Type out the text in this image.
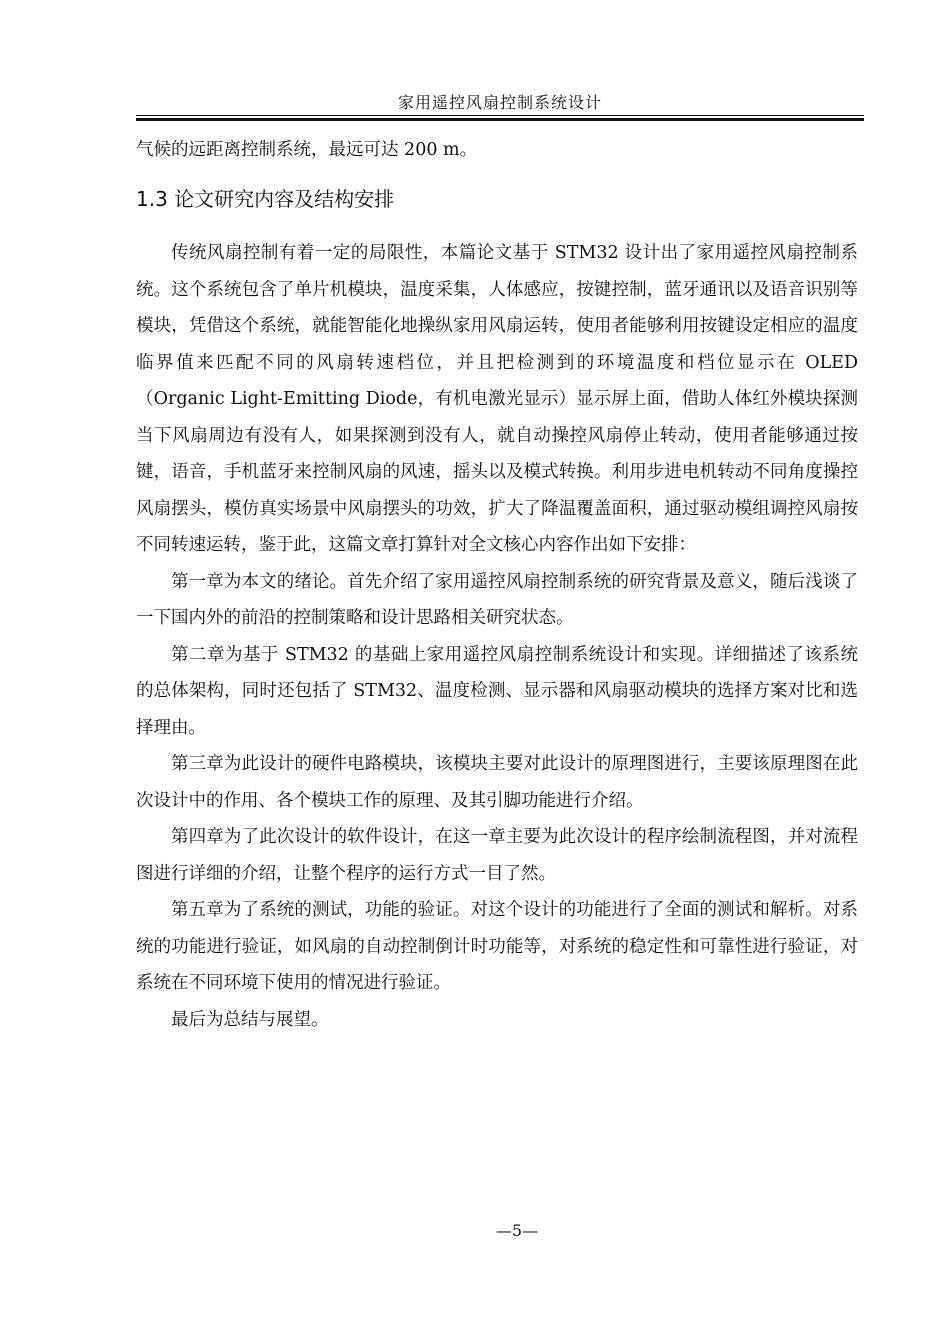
家用遥控风扇控制系统设计
气候的远距离控制系统，最远可达 200 m。
1.3 论文研究内容及结构安排

传统风扇控制有着一定的局限性，本篇论文基于 STM32 设计出了家用遥控风扇控制系统。这个系统包含了单片机模块，温度采集，人体感应，按键控制，蓝牙通讯以及语音识别等模块，凭借这个系统，就能智能化地操纵家用风扇运转，使用者能够利用按键设定相应的温度临界值来匹配不同的风扇转速档位，并且把检测到的环境温度和档位显示在 OLED（Organic Light-Emitting Diode，有机电激光显示）显示屏上面，借助人体红外模块探测当下风扇周边有没有人，如果探测到没有人，就自动操控风扇停止转动，使用者能够通过按键，语音，手机蓝牙来控制风扇的风速，摇头以及模式转换。利用步进电机转动不同角度操控风扇摆头，模仿真实场景中风扇摆头的功效，扩大了降温覆盖面积，通过驱动模组调控风扇按不同转速运转，鉴于此，这篇文章打算针对全文核心内容作出如下安排：

第一章为本文的绪论。首先介绍了家用遥控风扇控制系统的研究背景及意义，随后浅谈了一下国内外的前沿的控制策略和设计思路相关研究状态。

第二章为基于 STM32 的基础上家用遥控风扇控制系统设计和实现。详细描述了该系统的总体架构，同时还包括了 STM32、温度检测、显示器和风扇驱动模块的选择方案对比和选择理由。

第三章为此设计的硬件电路模块，该模块主要对此设计的原理图进行，主要该原理图在此次设计中的作用、各个模块工作的原理、及其引脚功能进行介绍。

第四章为了此次设计的软件设计，在这一章主要为此次设计的程序绘制流程图，并对流程图进行详细的介绍，让整个程序的运行方式一目了然。

第五章为了系统的测试，功能的验证。对这个设计的功能进行了全面的测试和解析。对系统的功能进行验证，如风扇的自动控制倒计时功能等，对系统的稳定性和可靠性进行验证，对系统在不同环境下使用的情况进行验证。

最后为总结与展望。

—5—
